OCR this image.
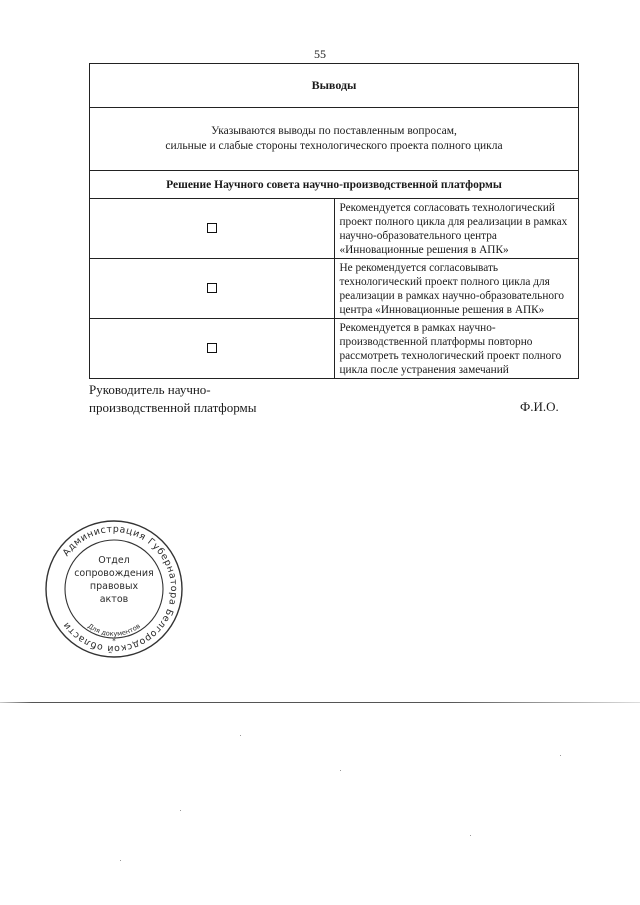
55
Выводы	

Указываются выводы по поставленным вопросам,
сильные и слабые стороны технологического проекта полного цикла	

Решение Научного совета научно-производственной платформы	
	Рекомендуется согласовать технологический проект полного цикла для реализации в рамках научно-образовательного центра «Инновационные решения в АПК»
	Не рекомендуется согласовывать технологический проект полного цикла для реализации в рамках научно-образовательного центра «Инновационные решения в АПК»
	Рекомендуется в рамках научно-производственной платформы повторно рассмотреть технологический проект полного цикла после устранения замечаний
Руководитель научно-
производственной платформы	Ф.И.О.
Администрация Губернатора Белгородской области
Отдел
сопровождения
правовых
актов
Для документов
*
